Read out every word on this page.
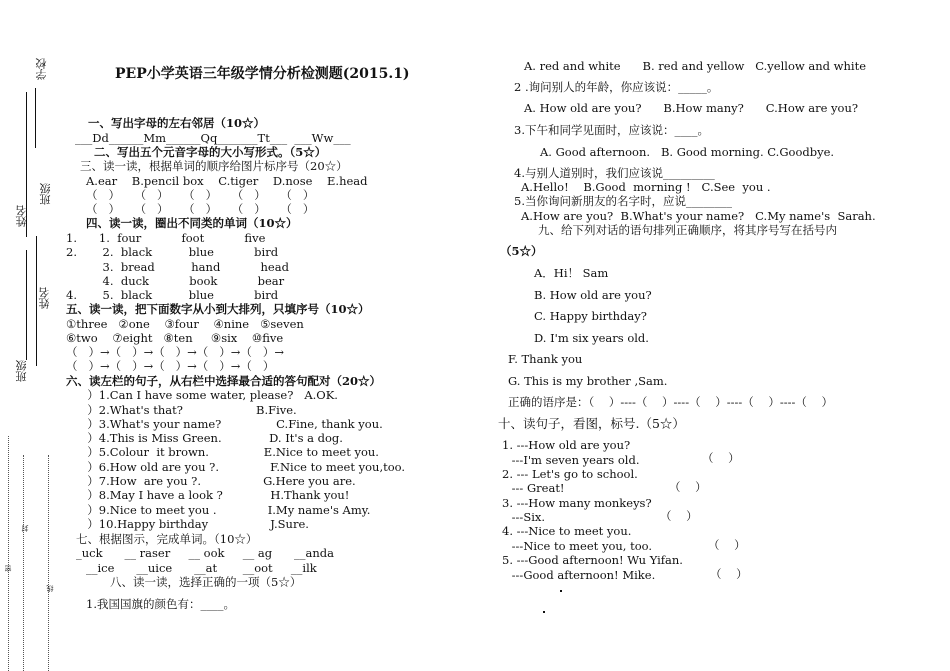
学校
班级
姓名
姓名
班级
密
封
线
PEP小学英语三年级学情分析检测题(2015.1)
一、写出字母的左右邻居（10☆）
___Dd______Mm______Qq_______Tt___  ___Ww___
二、写出五个元音字母的大小写形式。（5☆）
三、读一读，根据单词的顺序给图片标序号（20☆）
A.ear    B.pencil box    C.tiger    D.nose    E.head
（   ）    （   ）    （   ）    （   ）    （   ）
（   ）    （   ）    （   ）    （   ）    （   ）
四、读一读，圈出不同类的单词（10☆）
1.      1.  four           foot           five
2.       2.  black          blue           bird
3.  bread          hand           head
4.  duck           book           bear
4.       5.  black          blue           bird
五、读一读，把下面数字从小到大排列，只填序号（10☆）
①three   ②one    ③four    ④nine   ⑤seven
⑥two    ⑦eight   ⑧ten     ⑨six    ⑩five
（   ）→（   ）→（   ）→（   ）→（   ）→
（   ）→（   ）→（   ）→（   ）→（   ）
六、读左栏的句子，从右栏中选择最合适的答句配对（20☆）
）1.Can I have some water, please?   A.OK.
）2.What's that?                    B.Five.
）3.What's your name?               C.Fine, thank you.
）4.This is Miss Green.             D. It's a dog.
）5.Colour  it brown.               E.Nice to meet you.
）6.How old are you ?.              F.Nice to meet you,too.
）7.How  are you ?.                 G.Here you are.
）8.May I have a look ?             H.Thank you!
）9.Nice to meet you .              I.My name's Amy.
）10.Happy birthday                 J.Sure.
七、根据图示，完成单词。（10☆）
_uck      __ raser     __ ook     __ ag      __anda
__ice      __uice      __at       __oot     __ilk
八、读一读，选择正确的一项（5☆）
1.我国国旗的颜色有：____。
A. red and white      B. red and yellow   C.yellow and white
2 .询问别人的年龄，你应该说：_____。
A. How old are you?      B.How many?      C.How are you?
3.下午和同学见面时，应该说：____。
A. Good afternoon.   B. Good morning. C.Goodbye.
4.与别人道别时，我们应该说_________
A.Hello!    B.Good  morning !   C.See  you .
5.当你询问新朋友的名字时，应说________
A.How are you?  B.What's your name?   C.My name's  Sarah.
九、给下列对话的语句排列正确顺序，将其序号写在括号内
（5☆）
A．Hi！ Sam
B. How old are you?
C. Happy birthday?
D. I'm six years old.
F. Thank you
G. This is my brother ,Sam.
正确的语序是：（    ）----（    ）----（    ）----（    ）----（    ）
十、读句子，看图，标号.（5☆）
1. ---How old are you?
---I'm seven years old.	（    ）
2. --- Let's go to school.
--- Great!	（    ）
3. ---How many monkeys?
---Six.	（    ）
4. ---Nice to meet you.
---Nice to meet you, too.	（    ）
5. ---Good afternoon! Wu Yifan.
---Good afternoon! Mike.	（    ）
